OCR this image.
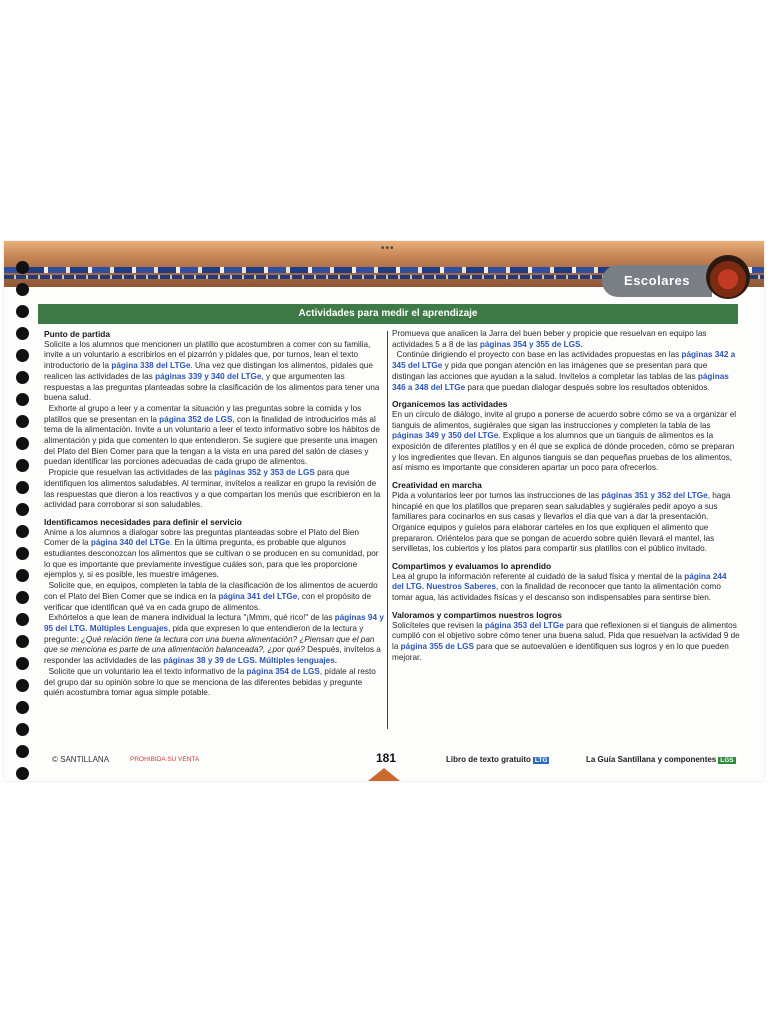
•••
Escolares
Actividades para medir el aprendizaje
Punto de partida

Solicite a los alumnos que mencionen un platillo que acostumbren a comer con su familia, invite a un voluntario a escribirlos en el pizarrón y pídales que, por turnos, lean el texto introductorio de la página 338 del LTGe. Una vez que distingan los alimentos, pídales que realicen las actividades de las páginas 339 y 340 del LTGe, y que argumenten las respuestas a las preguntas planteadas sobre la clasificación de los alimentos para tener una buena salud.

Exhorte al grupo a leer y a comentar la situación y las preguntas sobre la comida y los platillos que se presentan en la página 352 de LGS, con la finalidad de introducirlos más al tema de la alimentación. Invite a un voluntario a leer el texto informativo sobre los hábitos de alimentación y pida que comenten lo que entendieron. Se sugiere que presente una imagen del Plato del Bien Comer para que la tengan a la vista en una pared del salón de clases y puedan identificar las porciones adecuadas de cada grupo de alimentos.

Propicie que resuelvan las actividades de las páginas 352 y 353 de LGS para que identifiquen los alimentos saludables. Al terminar, invítelos a realizar en grupo la revisión de las respuestas que dieron a los reactivos y a que compartan los menús que escribieron en la actividad para corroborar si son saludables.

Identificamos necesidades para definir el servicio

Anime a los alumnos a dialogar sobre las preguntas planteadas sobre el Plato del Bien Comer de la página 340 del LTGe. En la última pregunta, es probable que algunos estudiantes desconozcan los alimentos que se cultivan o se producen en su comunidad, por lo que es importante que previamente investigue cuáles son, para que les proporcione ejemplos y, si es posible, les muestre imágenes.

Solicite que, en equipos, completen la tabla de la clasificación de los alimentos de acuerdo con el Plato del Bien Comer que se indica en la página 341 del LTGe, con el propósito de verificar que identifican qué va en cada grupo de alimentos.

Exhórtelos a que lean de manera individual la lectura "¡Mmm, qué rico!" de las páginas 94 y 95 del LTG. Múltiples Lenguajes, pida que expresen lo que entendieron de la lectura y pregunte: ¿Qué relación tiene la lectura con una buena alimentación? ¿Piensan que el pan que se menciona es parte de una alimentación balanceada?, ¿por qué? Después, invítelos a responder las actividades de las páginas 38 y 39 de LGS. Múltiples lenguajes.

Solicite que un voluntario lea el texto informativo de la página 354 de LGS, pídale al resto del grupo dar su opinión sobre lo que se menciona de las diferentes bebidas y pregunte quién acostumbra tomar agua simple potable.

Promueva que analicen la Jarra del buen beber y propicie que resuelvan en equipo las actividades 5 a 8 de las páginas 354 y 355 de LGS.

Continúe dirigiendo el proyecto con base en las actividades propuestas en las páginas 342 a 345 del LTGe y pida que pongan atención en las imágenes que se presentan para que distingan las acciones que ayudan a la salud. Invítelos a completar las tablas de las páginas 346 a 348 del LTGe para que puedan dialogar después sobre los resultados obtenidos.

Organicemos las actividades

En un círculo de diálogo, invite al grupo a ponerse de acuerdo sobre cómo se va a organizar el tianguis de alimentos, sugiérales que sigan las instrucciones y completen la tabla de las páginas 349 y 350 del LTGe. Explique a los alumnos que un tianguis de alimentos es la exposición de diferentes platillos y en él que se explica de dónde proceden, cómo se preparan y los ingredientes que llevan. En algunos tianguis se dan pequeñas pruebas de los alimentos, así mismo es importante que consideren apartar un poco para ofrecerlos.

Creatividad en marcha

Pida a voluntarios leer por turnos las instrucciones de las páginas 351 y 352 del LTGe, haga hincapié en que los platillos que preparen sean saludables y sugiérales pedir apoyo a sus familiares para cocinarlos en sus casas y llevarlos el día que van a dar la presentación. Organice equipos y guíelos para elaborar carteles en los que expliquen el alimento que prepararon. Oriéntelos para que se pongan de acuerdo sobre quién llevará el mantel, las servilletas, los cubiertos y los platos para compartir sus platillos con el público invitado.

Compartimos y evaluamos lo aprendido

Lea al grupo la información referente al cuidado de la salud física y mental de la página 244 del LTG. Nuestros Saberes, con la finalidad de reconocer que tanto la alimentación como tomar agua, las actividades físicas y el descanso son indispensables para sentirse bien.

Valoramos y compartimos nuestros logros

Solicíteles que revisen la página 353 del LTGe para que reflexionen si el tianguis de alimentos cumplió con el objetivo sobre cómo tener una buena salud. Pida que resuelvan la actividad 9 de la página 355 de LGS para que se autoevalúen e identifiquen sus logros y en lo que pueden mejorar.

© SANTILLANA	PROHIBIDA SU VENTA	181	Libro de texto gratuito LTG	La Guía Santillana y componentes LGS
